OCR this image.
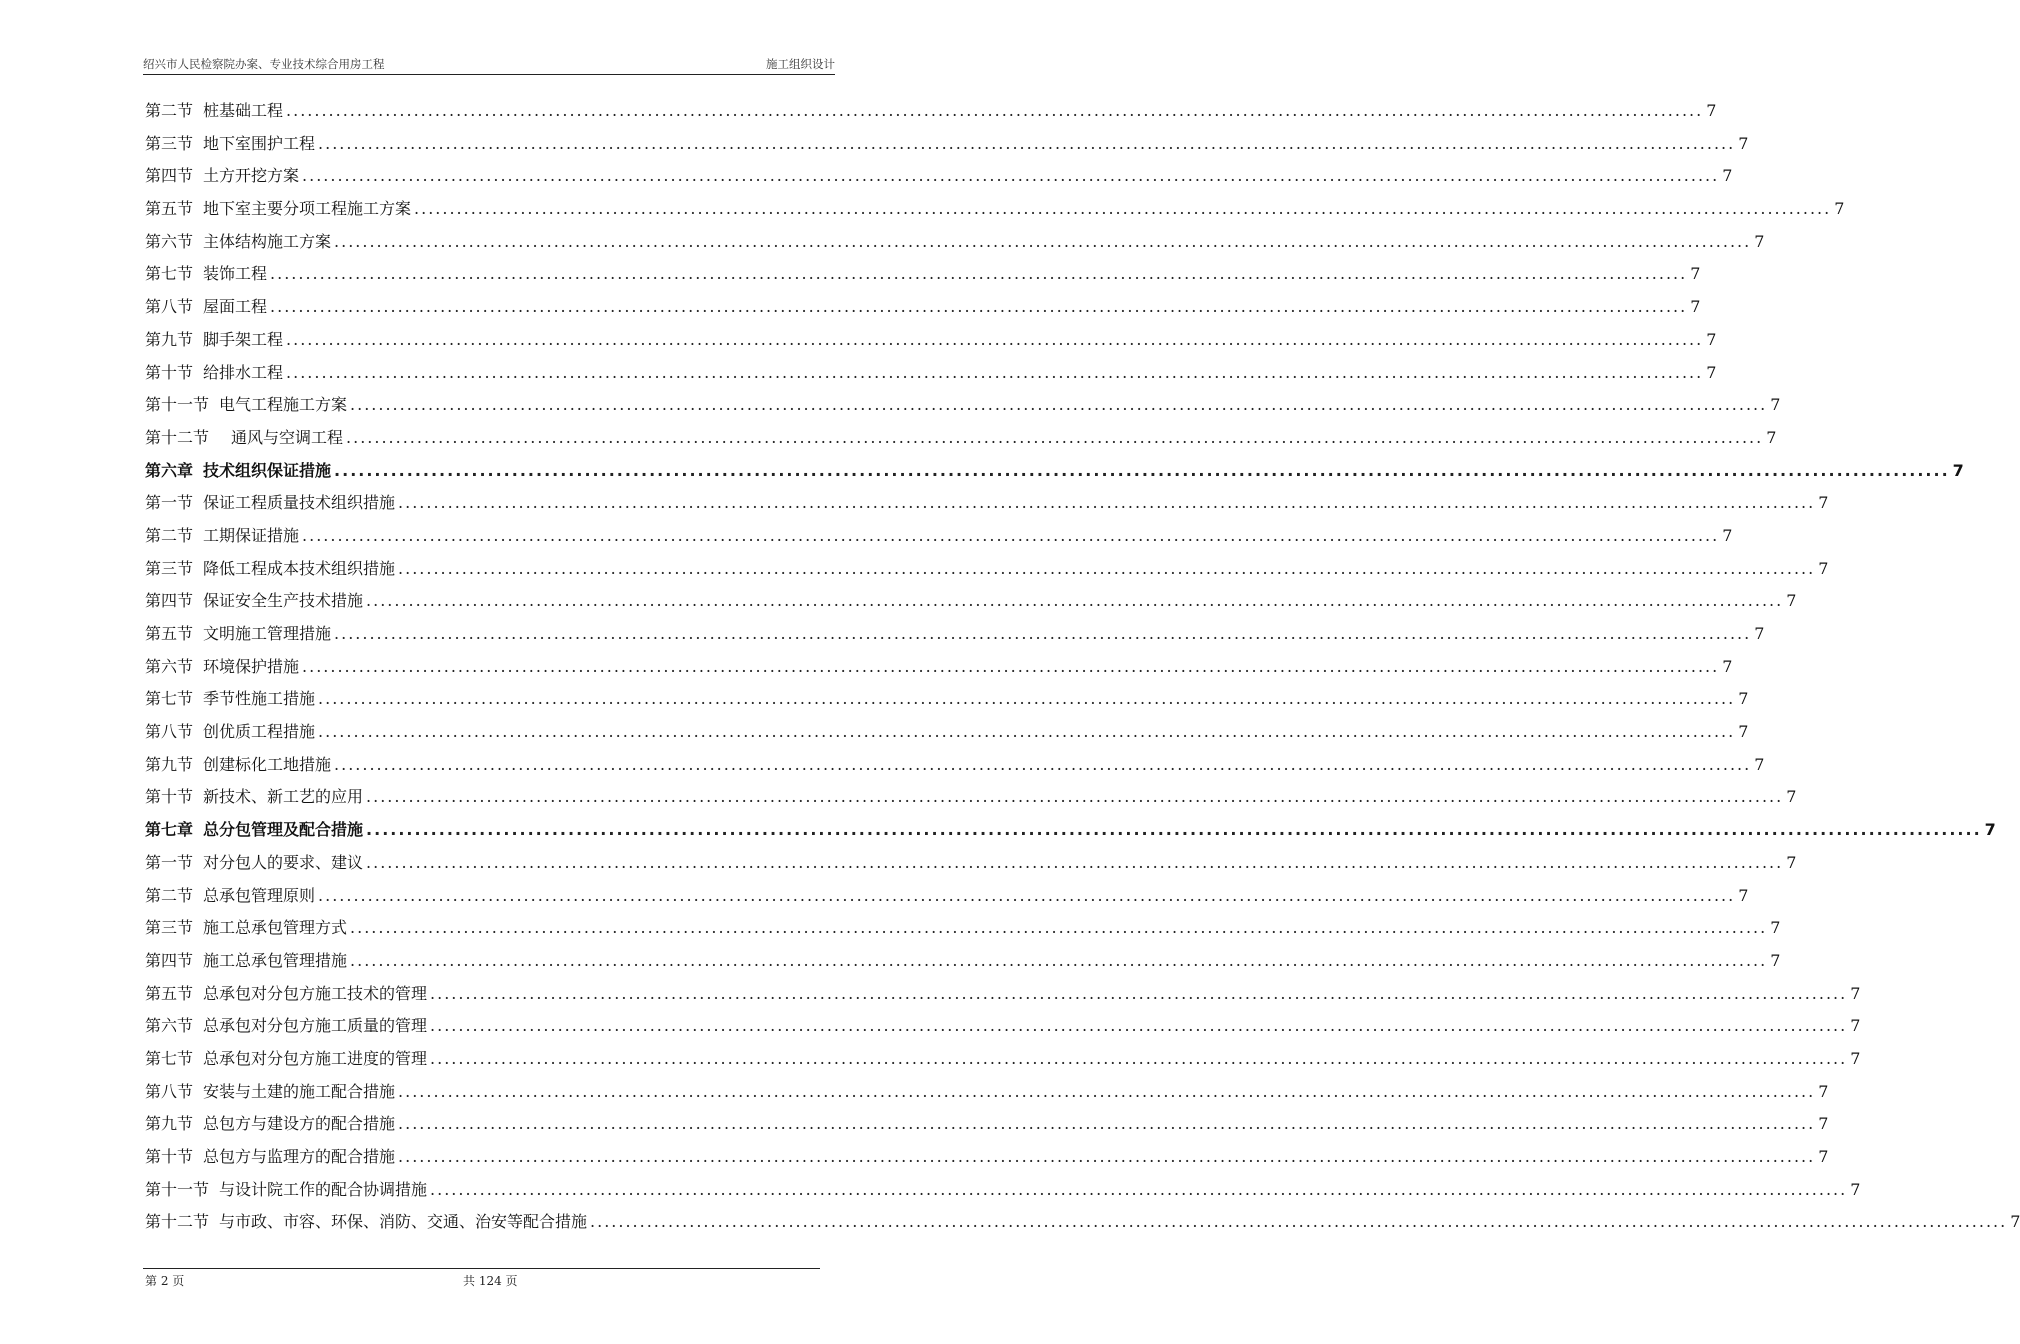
绍兴市人民检察院办案、专业技术综合用房工程	施工组织设计
第二节 桩基础工程 ........................................................................................................................................................................................................ 7
第三节 地下室围护工程 ........................................................................................................................................................................................................ 7
第四节 土方开挖方案 ........................................................................................................................................................................................................ 7
第五节 地下室主要分项工程施工方案 ........................................................................................................................................................................................................ 7
第六节 主体结构施工方案 ........................................................................................................................................................................................................ 7
第七节 装饰工程 ........................................................................................................................................................................................................ 7
第八节 屋面工程 ........................................................................................................................................................................................................ 7
第九节 脚手架工程 ........................................................................................................................................................................................................ 7
第十节 给排水工程 ........................................................................................................................................................................................................ 7
第十一节 电气工程施工方案 ........................................................................................................................................................................................................ 7
第十二节 通风与空调工程 ........................................................................................................................................................................................................ 7
第六章 技术组织保证措施 ........................................................................................................................................................................................................ 7
第一节 保证工程质量技术组织措施 ........................................................................................................................................................................................................ 7
第二节 工期保证措施 ........................................................................................................................................................................................................ 7
第三节 降低工程成本技术组织措施 ........................................................................................................................................................................................................ 7
第四节 保证安全生产技术措施 ........................................................................................................................................................................................................ 7
第五节 文明施工管理措施 ........................................................................................................................................................................................................ 7
第六节 环境保护措施 ........................................................................................................................................................................................................ 7
第七节 季节性施工措施 ........................................................................................................................................................................................................ 7
第八节 创优质工程措施 ........................................................................................................................................................................................................ 7
第九节 创建标化工地措施 ........................................................................................................................................................................................................ 7
第十节 新技术、新工艺的应用 ........................................................................................................................................................................................................ 7
第七章 总分包管理及配合措施 ........................................................................................................................................................................................................ 7
第一节 对分包人的要求、建议 ........................................................................................................................................................................................................ 7
第二节 总承包管理原则 ........................................................................................................................................................................................................ 7
第三节 施工总承包管理方式 ........................................................................................................................................................................................................ 7
第四节 施工总承包管理措施 ........................................................................................................................................................................................................ 7
第五节 总承包对分包方施工技术的管理 ........................................................................................................................................................................................................ 7
第六节 总承包对分包方施工质量的管理 ........................................................................................................................................................................................................ 7
第七节 总承包对分包方施工进度的管理 ........................................................................................................................................................................................................ 7
第八节 安装与土建的施工配合措施 ........................................................................................................................................................................................................ 7
第九节 总包方与建设方的配合措施 ........................................................................................................................................................................................................ 7
第十节 总包方与监理方的配合措施 ........................................................................................................................................................................................................ 7
第十一节 与设计院工作的配合协调措施 ........................................................................................................................................................................................................ 7
第十二节 与市政、市容、环保、消防、交通、治安等配合措施 ........................................................................................................................................................................................................ 7
第 2 页	共 124 页
